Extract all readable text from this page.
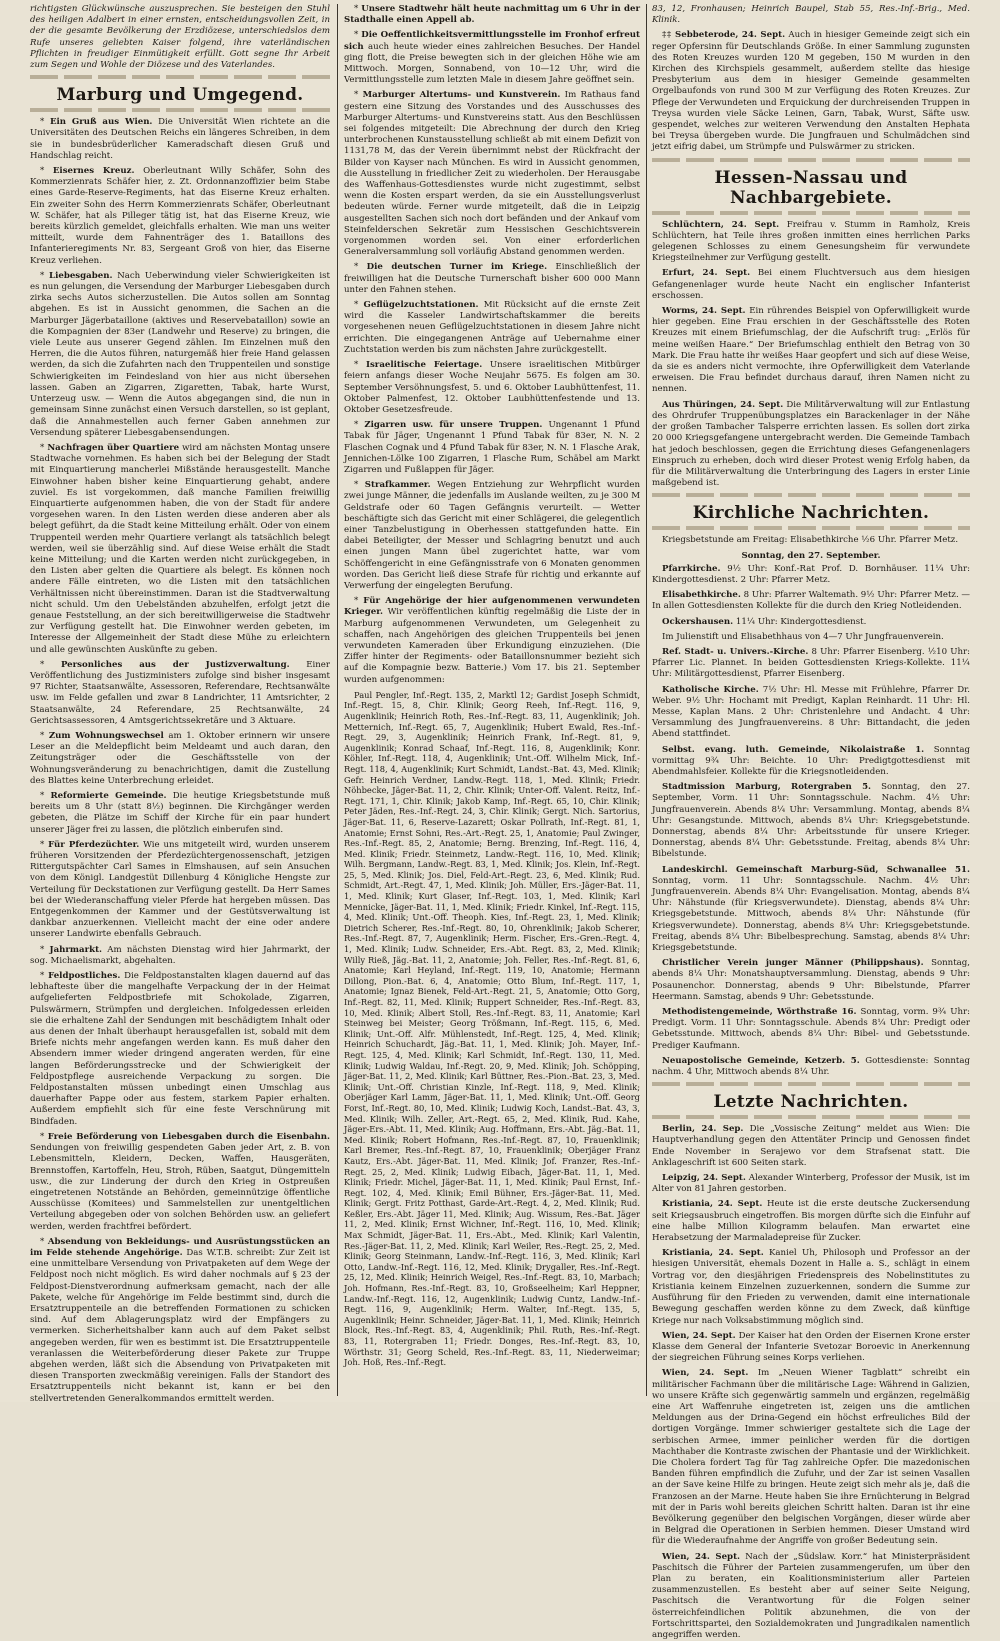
richtigsten Glückwünsche auszusprechen. Sie besteigen den Stuhl des heiligen Adalbert in einer ernsten, entscheidungsvollen Zeit, in der die gesamte Bevölkerung der Erzdiözese, unterschiedslos dem Rufe unseres geliebten Kaiser folgend, ihre vaterländischen Pflichten in freudiger Einmütigkeit erfüllt. Gott segne Ihr Arbeit zum Segen und Wohle der Diözese und des Vaterlandes.

Marburg und Umgegend.

* Ein Gruß aus Wien. Die Universität Wien richtete an die Universitäten des Deutschen Reichs ein längeres Schreiben, in dem sie in bundesbrüderlicher Kameradschaft diesen Gruß und Handschlag reicht.

* Eisernes Kreuz. Oberleutnant Willy Schäfer, Sohn des Kommerzienrats Schäfer hier, z. Zt. Ordonnanzoffizier beim Stabe eines Garde-Reserve-Regiments, hat das Eiserne Kreuz erhalten. Ein zweiter Sohn des Herrn Kommerzienrats Schäfer, Oberleutnant W. Schäfer, hat als Pilleger tätig ist, hat das Eiserne Kreuz, wie bereits kürzlich gemeldet, gleichfalls erhalten. Wie man uns weiter mitteilt, wurde dem Fahnenträger des 1. Bataillons des Infanterieregiments Nr. 83, Sergeant Groß von hier, das Eiserne Kreuz verliehen.

* Liebesgaben. Nach Ueberwindung vieler Schwierigkeiten ist es nun gelungen, die Versendung der Marburger Liebesgaben durch zirka sechs Autos sicherzustellen. Die Autos sollen am Sonntag abgehen. Es ist in Aussicht genommen, die Sachen an die Marburger Jägerbataillone (aktives und Reservebataillon) sowie an die Kompagnien der 83er (Landwehr und Reserve) zu bringen, die viele Leute aus unserer Gegend zählen. Im Einzelnen muß den Herren, die die Autos führen, naturgemäß hier freie Hand gelassen werden, da sich die Zufahrten nach den Truppenteilen und sonstige Schwierigkeiten im Feindesland von hier aus nicht übersehen lassen. Gaben an Zigarren, Zigaretten, Tabak, harte Wurst, Unterzeug usw. — Wenn die Autos abgegangen sind, die nun in gemeinsam Sinne zunächst einen Versuch darstellen, so ist geplant, daß die Annahmestellen auch ferner Gaben annehmen zur Versendung späterer Liebesgabensendungen.

* Nachfragen über Quartiere wird am nächsten Montag unsere Stadtwache vornehmen. Es haben sich bei der Belegung der Stadt mit Einquartierung mancherlei Mißstände herausgestellt. Manche Einwohner haben bisher keine Einquartierung gehabt, andere zuviel. Es ist vorgekommen, daß manche Familien freiwillig Einquartierte aufgenommen haben, die von der Stadt für andere vorgesehen waren. In den Listen werden diese anderen aber als belegt geführt, da die Stadt keine Mitteilung erhält. Oder von einem Truppenteil werden mehr Quartiere verlangt als tatsächlich belegt werden, weil sie überzählig sind. Auf diese Weise erhält die Stadt keine Mitteilung; und die Karten werden nicht zurückgegeben, in den Listen aber gelten die Quartiere als belegt. Es können noch andere Fälle eintreten, wo die Listen mit den tatsächlichen Verhältnissen nicht übereinstimmen. Daran ist die Stadtverwaltung nicht schuld. Um den Uebelständen abzuhelfen, erfolgt jetzt die genaue Feststellung, an der sich bereitwilligerweise die Stadtwehr zur Verfügung gestellt hat. Die Einwohner werden gebeten, im Interesse der Allgemeinheit der Stadt diese Mühe zu erleichtern und alle gewünschten Auskünfte zu geben.

* Personliches aus der Justizverwaltung. Einer Veröffentlichung des Justizministers zufolge sind bisher insgesamt 97 Richter, Staatsanwälte, Assessoren, Referendare, Rechtsanwälte usw. im Felde gefallen und zwar 8 Landrichter, 11 Amtsrichter, 2 Staatsanwälte, 24 Referendare, 25 Rechtsanwälte, 24 Gerichtsassessoren, 4 Amtsgerichtssekretäre und 3 Aktuare.

* Zum Wohnungswechsel am 1. Oktober erinnern wir unsere Leser an die Meldepflicht beim Meldeamt und auch daran, den Zeitungsträger oder die Geschäftsstelle von der Wohnungsveränderung zu benachrichtigen, damit die Zustellung des Blattes keine Unterbrechung erleidet.

* Reformierte Gemeinde. Die heutige Kriegsbetstunde muß bereits um 8 Uhr (statt 8½) beginnen. Die Kirchgänger werden gebeten, die Plätze im Schiff der Kirche für ein paar hundert unserer Jäger frei zu lassen, die plötzlich einberufen sind.

* Für Pferdezüchter. Wie uns mitgeteilt wird, wurden unserem früheren Vorsitzenden der Pferdezüchtergenossenschaft, jetzigen Rittergutspächter Carl Sames in Elmshausen, auf sein Ansuchen von dem Königl. Landgestüt Dillenburg 4 Königliche Hengste zur Verteilung für Deckstationen zur Verfügung gestellt. Da Herr Sames bei der Wiederanschaffung vieler Pferde hat hergeben müssen. Das Entgegenkommen der Kammer und der Gestütsverwaltung ist dankbar anzuerkennen. Vielleicht macht der eine oder andere unserer Landwirte ebenfalls Gebrauch.

* Jahrmarkt. Am nächsten Dienstag wird hier Jahrmarkt, der sog. Michaelismarkt, abgehalten.

* Feldpostliches. Die Feldpostanstalten klagen dauernd auf das lebhafteste über die mangelhafte Verpackung der in der Heimat aufgelieferten Feldpostbriefe mit Schokolade, Zigarren, Pulswärmern, Strümpfen und dergleichen. Infolgedessen erleiden sie die erhaltene Zahl der Sendungen mit beschädigtem Inhalt oder aus denen der Inhalt überhaupt herausgefallen ist, sobald mit dem Briefe nichts mehr angefangen werden kann. Es muß daher den Absendern immer wieder dringend angeraten werden, für eine langen Beförderungsstrecke und der Schwierigkeit der Feldpostpflege ausreichende Verpackung zu sorgen. Die Feldpostanstalten müssen unbedingt einen Umschlag aus dauerhafter Pappe oder aus festem, starkem Papier erhalten. Außerdem empfiehlt sich für eine feste Verschnürung mit Bindfaden.

* Freie Beförderung von Liebesgaben durch die Eisenbahn. Sendungen von freiwillig gespendeten Gaben jeder Art, z. B. von Lebensmitteln, Kleidern, Decken, Waffen, Hausgeräten, Brennstoffen, Kartoffeln, Heu, Stroh, Rüben, Saatgut, Düngemitteln usw., die zur Linderung der durch den Krieg in Ostpreußen eingetretenen Notstände an Behörden, gemeinnützige öffentliche Ausschüsse (Komitees) und Sammelstellen zur unentgeltlichen Verteilung abgegeben oder von solchen Behörden usw. an geliefert werden, werden frachtfrei befördert.

* Absendung von Bekleidungs- und Ausrüstungsstücken an im Felde stehende Angehörige. Das W.T.B. schreibt: Zur Zeit ist eine unmittelbare Versendung von Privatpaketen auf dem Wege der Feldpost noch nicht möglich. Es wird daher nochmals auf § 23 der Feldpost-Dienstverordnung aufmerksam gemacht, nach der alle Pakete, welche für Angehörige im Felde bestimmt sind, durch die Ersatztruppenteile an die betreffenden Formationen zu schicken sind. Auf dem Ablagerungsplatz wird der Empfängers zu vermerken. Sicherheitshalber kann auch auf dem Paket selbst angegeben werden, für wen es bestimmt ist. Die Ersatztruppenteile veranlassen die Weiterbeförderung dieser Pakete zur Truppe abgehen werden, läßt sich die Absendung von Privatpaketen mit diesen Transporten zweckmäßig vereinigen. Falls der Standort des Ersatztruppenteils nicht bekannt ist, kann er bei den stellvertretenden Generalkommandos ermittelt werden.

* Unsere Stadtwehr hält heute nachmittag um 6 Uhr in der Stadthalle einen Appell ab.

* Die Oeffentlichkeitsvermittlungsstelle im Fronhof erfreut sich auch heute wieder eines zahlreichen Besuches. Der Handel ging flott, die Preise bewegten sich in der gleichen Höhe wie am Mittwoch. Morgen, Sonnabend, von 10—12 Uhr, wird die Vermittlungsstelle zum letzten Male in diesem Jahre geöffnet sein.

* Marburger Altertums- und Kunstverein. Im Rathaus fand gestern eine Sitzung des Vorstandes und des Ausschusses des Marburger Altertums- und Kunstvereins statt. Aus den Beschlüssen sei folgendes mitgeteilt: Die Abrechnung der durch den Krieg unterbrochenen Kunstausstellung schließt ab mit einem Defizit von 1131,78 M, das der Verein übernimmt nebst der Rückfracht der Bilder von Kayser nach München. Es wird in Aussicht genommen, die Ausstellung in friedlicher Zeit zu wiederholen. Der Herausgabe des Waffenhaus-Gottesdienstes wurde nicht zugestimmt, selbst wenn die Kosten erspart werden, da sie ein Ausstellungsverlust bedeuten würde. Ferner wurde mitgeteilt, daß die in Leipzig ausgestellten Sachen sich noch dort befänden und der Ankauf vom Steinfelderschen Sekretär zum Hessischen Geschichtsverein vorgenommen worden sei. Von einer erforderlichen Generalversammlung soll vorläufig Abstand genommen werden.

* Die deutschen Turner im Kriege. Einschließlich der freiwilligen hat die Deutsche Turnerschaft bisher 600 000 Mann unter den Fahnen stehen.

* Geflügelzuchtstationen. Mit Rücksicht auf die ernste Zeit wird die Kasseler Landwirtschaftskammer die bereits vorgesehenen neuen Geflügelzuchtstationen in diesem Jahre nicht errichten. Die eingegangenen Anträge auf Uebernahme einer Zuchtstation werden bis zum nächsten Jahre zurückgestellt.

* Israelitische Feiertage. Unsere israelitischen Mitbürger feiern anfangs dieser Woche Neujahr 5675. Es folgen am 30. September Versöhnungsfest, 5. und 6. Oktober Laubhüttenfest, 11. Oktober Palmenfest, 12. Oktober Laubhüttenfestende und 13. Oktober Gesetzesfreude.

* Zigarren usw. für unsere Truppen. Ungenannt 1 Pfund Tabak für Jäger, Ungenannt 1 Pfund Tabak für 83er, N. N. 2 Flaschen Cognak und 4 Pfund Tabak für 83er, N. N. 1 Flasche Arak, Jennichen-Lölke 100 Zigarren, 1 Flasche Rum, Schäbel am Markt Zigarren und Fußlappen für Jäger.

* Strafkammer. Wegen Entziehung zur Wehrpflicht wurden zwei junge Männer, die jedenfalls im Auslande weilten, zu je 300 M Geldstrafe oder 60 Tagen Gefängnis verurteilt. — Wetter beschäftigte sich das Gericht mit einer Schlägerei, die gelegentlich einer Tanzbelustigung in Oberhessen stattgefunden hatte. Ein dabei Beteiligter, der Messer und Schlagring benutzt und auch einen jungen Mann übel zugerichtet hatte, war vom Schöffengericht in eine Gefängnisstrafe von 6 Monaten genommen worden. Das Gericht ließ diese Strafe für richtig und erkannte auf Verwerfung der eingelegten Berufung.

* Für Angehörige der hier aufgenommenen verwundeten Krieger. Wir veröffentlichen künftig regelmäßig die Liste der in Marburg aufgenommenen Verwundeten, um Gelegenheit zu schaffen, nach Angehörigen des gleichen Truppenteils bei jenen verwundeten Kameraden über Erkundigung einzuziehen. (Die Ziffer hinter der Regiments- oder Bataillonsnummer bezieht sich auf die Kompagnie bezw. Batterie.) Vom 17. bis 21. September wurden aufgenommen:

Paul Pengler, Inf.-Regt. 135, 2, Marktl 12; Gardist Joseph Schmidt, Inf.-Regt. 15, 8, Chir. Klinik; Georg Reeh, Inf.-Regt. 116, 9, Augenklinik; Heinrich Roth, Res.-Inf.-Regt. 83, 11, Augenklinik; Joh. Metternich, Inf.-Regt. 65, 7, Augenklinik; Hubert Ewald, Res.-Inf.-Regt. 29, 3, Augenklinik; Heinrich Frank, Inf.-Regt. 81, 9, Augenklinik; Konrad Schaaf, Inf.-Regt. 116, 8, Augenklinik; Konr. Köhler, Inf.-Regt. 118, 4, Augenklinik; Unt.-Off. Wilhelm Mick, Inf.-Regt. 118, 4, Augenklinik; Kurt Schmidt, Landst.-Bat. 43, Med. Klinik; Gefr. Heinrich Verdner, Landw.-Regt. 118, 1, Med. Klinik; Friedr. Nöhbecke, Jäger-Bat. 11, 2, Chir. Klinik; Unter-Off. Valent. Reitz, Inf.-Regt. 171, 1, Chir. Klinik; Jakob Kamp, Inf.-Regt. 65, 10, Chir. Klinik; Peter Jäden, Res.-Inf.-Regt. 24, 3, Chir. Klinik; Gergt. Nich. Sartorius, Jäger-Bat. 11, 6, Reserve-Lazarett; Oskar Pollrath, Inf.-Regt. 81, 1, Anatomie; Ernst Sohni, Res.-Art.-Regt. 25, 1, Anatomie; Paul Zwinger, Res.-Inf.-Regt. 85, 2, Anatomie; Berng. Brenzing, Inf.-Regt. 116, 4, Med. Klinik; Friedr. Steinmetz, Landw.-Regt. 116, 10, Med. Klinik; Wilh. Bergmann, Landw.-Regt. 83, 1, Med. Klinik; Jos. Klein, Inf.-Regt. 25, 5, Med. Klinik; Jos. Diel, Feld-Art.-Regt. 23, 6, Med. Klinik; Rud. Schmidt, Art.-Regt. 47, 1, Med. Klinik; Joh. Müller, Ers.-Jäger-Bat. 11, 1, Med. Klinik; Kurt Glaser, Inf.-Regt. 103, 1, Med. Klinik; Karl Mennicke, Jäger-Bat. 11, 1, Med. Klinik; Friedr. Kinkel, Inf.-Regt. 115, 4, Med. Klinik; Unt.-Off. Theoph. Kies, Inf.-Regt. 23, 1, Med. Klinik; Dietrich Scherer, Res.-Inf.-Regt. 80, 10, Ohrenklinik; Jakob Scherer, Res.-Inf.-Regt. 87, 7, Augenklinik; Herm. Fischer, Ers.-Gren.-Regt. 4, 1, Med. Klinik; Ludw. Schneider, Ers.-Abt. Regt. 83, 2, Med. Klinik; Willy Rieß, Jäg.-Bat. 11, 2, Anatomie; Joh. Feller, Res.-Inf.-Regt. 81, 6, Anatomie; Karl Heyland, Inf.-Regt. 119, 10, Anatomie; Hermann Dillong, Pion.-Bat. 6, 4, Anatomie; Otto Blum, Inf.-Regt. 117, 1, Anatomie; Ignaz Bienek, Feld-Art.-Regt. 21, 5, Anatomie; Otto Gorg, Inf.-Regt. 82, 11, Med. Klinik; Ruppert Schneider, Res.-Inf.-Regt. 83, 10, Med. Klinik; Albert Stoll, Res.-Inf.-Regt. 83, 11, Anatomie; Karl Steinweg bei Meister; Georg Trößmann, Inf.-Regt. 115, 6, Med. Klinik; Unt.-Off. Alfr. Mühlenstedt, Inf.-Regt. 125, 4, Med. Klinik; Heinrich Schuchardt, Jäg.-Bat. 11, 1, Med. Klinik; Joh. Mayer, Inf.-Regt. 125, 4, Med. Klinik; Karl Schmidt, Inf.-Regt. 130, 11, Med. Klinik; Ludwig Waldau, Inf.-Regt. 20, 9, Med. Klinik; Joh. Schöpping, Jäger-Bat. 11, 2, Med. Klinik; Karl Büttner, Res.-Pion.-Bat. 23, 3, Med. Klinik; Unt.-Off. Christian Kinzle, Inf.-Regt. 118, 9, Med. Klinik; Oberjäger Karl Lamm, Jäger-Bat. 11, 1, Med. Klinik; Unt.-Off. Georg Forst, Inf.-Regt. 80, 10, Med. Klinik; Ludwig Koch, Landst.-Bat. 43, 3, Med. Klinik; Wilh. Zeller, Art.-Regt. 65, 2, Med. Klinik, Rud. Kahe, Jäger-Ers.-Abt. 11, Med. Klinik; Aug. Hoffmann, Ers.-Abt. Jäg.-Bat. 11, Med. Klinik; Robert Hofmann, Res.-Inf.-Regt. 87, 10, Frauenklinik; Karl Bremer, Res.-Inf.-Regt. 87, 10, Frauenklinik; Oberjäger Franz Kautz, Ers.-Abt. Jäger-Bat. 11, Med. Klinik; Jof. Franzer, Res.-Inf.-Regt. 25, 2, Med. Klinik; Ludwig Eibach, Jäger-Bat. 11, 1, Med. Klinik; Friedr. Michel, Jäger-Bat. 11, 1, Med. Klinik; Paul Ernst, Inf.-Regt. 102, 4, Med. Klinik; Emil Bühner, Ers.-Jäger-Bat. 11, Med. Klinik; Gergt. Fritz Potthast, Garde-Art.-Regt. 4, 2, Med. Klinik; Rud. Keßler, Ers.-Abt. Jäger 11, Med. Klinik; Aug. Wissum, Res.-Bat. Jäger 11, 2, Med. Klinik; Ernst Wichner, Inf.-Regt. 116, 10, Med. Klinik; Max Schmidt, Jäger-Bat. 11, Ers.-Abt., Med. Klinik; Karl Valentin, Res.-Jäger-Bat. 11, 2, Med. Klinik; Karl Weiler, Res.-Regt. 25, 2, Med. Klinik; Georg Steinmann, Landw.-Inf.-Regt. 116, 3, Med. Klinik; Karl Otto, Landw.-Inf.-Regt. 116, 12, Med. Klinik; Drygaller, Res.-Inf.-Regt. 25, 12, Med. Klinik; Heinrich Weigel, Res.-Inf.-Regt. 83, 10, Marbach; Joh. Hofmann, Res.-Inf.-Regt. 83, 10, Großseelheim; Karl Heppner, Landw.-Inf.-Regt. 116, 12, Augenklinik; Ludwig Cuntz, Landw.-Inf.-Regt. 116, 9, Augenklinik; Herm. Walter, Inf.-Regt. 135, 5, Augenklinik; Heinr. Schneider, Jäger-Bat. 11, 1, Med. Klinik; Heinrich Block, Res.-Inf.-Regt. 83, 4, Augenklinik; Phil. Ruth, Res.-Inf.-Regt. 83, 11, Rotergraben 11; Friedr. Donges, Res.-Inf.-Regt. 83, 10, Wörthstr. 31; Georg Scheld, Res.-Inf.-Regt. 83, 11, Niederweimar; Joh. Hoß, Res.-Inf.-Regt.

83, 12, Fronhausen; Heinrich Baupel, Stab 55, Res.-Inf.-Brig., Med. Klinik.

‡‡ Sebbeterode, 24. Sept. Auch in hiesiger Gemeinde zeigt sich ein reger Opfersinn für Deutschlands Größe. In einer Sammlung zugunsten des Roten Kreuzes wurden 120 M gegeben, 150 M wurden in den Kirchen des Kirchspiels gesammelt, außerdem stellte das hiesige Presbyterium aus dem in hiesiger Gemeinde gesammelten Orgelbaufonds von rund 300 M zur Verfügung des Roten Kreuzes. Zur Pflege der Verwundeten und Erquickung der durchreisenden Truppen in Treysa wurden viele Säcke Leinen, Garn, Tabak, Wurst, Säfte usw. gespendet, welches zur weiteren Verwendung den Anstalten Hephata bei Treysa übergeben wurde. Die Jungfrauen und Schulmädchen sind jetzt eifrig dabei, um Strümpfe und Pulswärmer zu stricken.

Hessen-Nassau und Nachbargebiete.

Schlüchtern, 24. Sept. Freifrau v. Stumm in Ramholz, Kreis Schlüchtern, hat Teile ihres großen inmitten eines herrlichen Parks gelegenen Schlosses zu einem Genesungsheim für verwundete Kriegsteilnehmer zur Verfügung gestellt.

Erfurt, 24. Sept. Bei einem Fluchtversuch aus dem hiesigen Gefangenenlager wurde heute Nacht ein englischer Infanterist erschossen.

Worms, 24. Sept. Ein rührendes Beispiel von Opferwilligkeit wurde hier gegeben. Eine Frau erschien in der Geschäftsstelle des Roten Kreuzes mit einem Briefumschlag, der die Aufschrift trug: „Erlös für meine weißen Haare.“ Der Briefumschlag enthielt den Betrag von 30 Mark. Die Frau hatte ihr weißes Haar geopfert und sich auf diese Weise, da sie es anders nicht vermochte, ihre Opferwilligkeit dem Vaterlande erweisen. Die Frau befindet durchaus darauf, ihren Namen nicht zu nennen.

Aus Thüringen, 24. Sept. Die Militärverwaltung will zur Entlastung des Ohrdrufer Truppenübungsplatzes ein Barackenlager in der Nähe der großen Tambacher Talsperre errichten lassen. Es sollen dort zirka 20 000 Kriegsgefangene untergebracht werden. Die Gemeinde Tambach hat jedoch beschlossen, gegen die Errichtung dieses Gefangenenlagers Einspruch zu erheben, doch wird dieser Protest wenig Erfolg haben, da für die Militärverwaltung die Unterbringung des Lagers in erster Linie maßgebend ist.

Kirchliche Nachrichten.

Kriegsbetstunde am Freitag: Elisabethkirche ½6 Uhr. Pfarrer Metz.

Sonntag, den 27. September.

Pfarrkirche. 9½ Uhr: Konf.-Rat Prof. D. Bornhäuser. 11¼ Uhr: Kindergottesdienst. 2 Uhr: Pfarrer Metz.

Elisabethkirche. 8 Uhr: Pfarrer Waltemath. 9½ Uhr: Pfarrer Metz. — In allen Gottesdiensten Kollekte für die durch den Krieg Notleidenden.

Ockershausen. 11¼ Uhr: Kindergottesdienst.

Im Julienstift und Elisabethhaus von 4—7 Uhr Jungfrauenverein.

Ref. Stadt- u. Univers.-Kirche. 8 Uhr: Pfarrer Eisenberg. ½10 Uhr: Pfarrer Lic. Plannet. In beiden Gottesdiensten Kriegs-Kollekte. 11¼ Uhr: Militärgottesdienst, Pfarrer Eisenberg.

Katholische Kirche. 7½ Uhr: Hl. Messe mit Frühlehre, Pfarrer Dr. Weber. 9½ Uhr: Hochamt mit Predigt, Kaplan Reinhardt. 11 Uhr: Hl. Messe, Kaplan Mans. 2 Uhr: Christenlehre und Andacht. 4 Uhr: Versammlung des Jungfrauenvereins. 8 Uhr: Bittandacht, die jeden Abend stattfindet.

Selbst. evang. luth. Gemeinde, Nikolaistraße 1. Sonntag vormittag 9¾ Uhr: Beichte. 10 Uhr: Predigtgottesdienst mit Abendmahlsfeier. Kollekte für die Kriegsnotleidenden.

Stadtmission Marburg, Rotergraben 5. Sonntag, den 27. September, Vorm. 11 Uhr: Sonntagsschule. Nachm. 4½ Uhr: Jungfrauenverein. Abends 8¼ Uhr: Versammlung. Montag, abends 8¼ Uhr: Gesangstunde. Mittwoch, abends 8¼ Uhr: Kriegsgebetstunde. Donnerstag, abends 8¼ Uhr: Arbeitsstunde für unsere Krieger. Donnerstag, abends 8¼ Uhr: Gebetsstunde. Freitag, abends 8¼ Uhr: Bibelstunde.

Landeskirchl. Gemeinschaft Marburg-Süd, Schwanallee 51. Sonntag, vorm. 11 Uhr: Sonntagsschule. Nachm. 4½ Uhr: Jungfrauenverein. Abends 8¼ Uhr: Evangelisation. Montag, abends 8¼ Uhr: Nähstunde (für Kriegsverwundete). Dienstag, abends 8¼ Uhr: Kriegsgebetstunde. Mittwoch, abends 8¼ Uhr: Nähstunde (für Kriegsverwundete). Donnerstag, abends 8¼ Uhr: Kriegsgebetstunde. Freitag, abends 8¼ Uhr: Bibelbesprechung. Samstag, abends 8¼ Uhr: Kriegsgebetstunde.

Christlicher Verein junger Männer (Philippshaus). Sonntag, abends 8¼ Uhr: Monatshauptversammlung. Dienstag, abends 9 Uhr: Posaunenchor. Donnerstag, abends 9 Uhr: Bibelstunde, Pfarrer Heermann. Samstag, abends 9 Uhr: Gebetsstunde.

Methodistengemeinde, Wörthstraße 16. Sonntag, vorm. 9¾ Uhr: Predigt. Vorm. 11 Uhr: Sonntagsschule. Abends 8¼ Uhr: Predigt oder Gebetsstunde. Mittwoch, abends 8¼ Uhr: Bibel- und Gebetsstunde. Prediger Kaufmann.

Neuapostolische Gemeinde, Ketzerb. 5. Gottesdienste: Sonntag nachm. 4 Uhr, Mittwoch abends 8¼ Uhr.

Letzte Nachrichten.

Berlin, 24. Sep. Die „Vossische Zeitung“ meldet aus Wien: Die Hauptverhandlung gegen den Attentäter Princip und Genossen findet Ende November in Serajewo vor dem Strafsenat statt. Die Anklageschrift ist 600 Seiten stark.

Leipzig, 24. Sept. Alexander Winterberg, Professor der Musik, ist im Alter von 81 Jahren gestorben.

Kristiania, 24. Sept. Heute ist die erste deutsche Zuckersendung seit Kriegsausbruch eingetroffen. Bis morgen dürfte sich die Einfuhr auf eine halbe Million Kilogramm belaufen. Man erwartet eine Herabsetzung der Marmaladepreise für Zucker.

Kristiania, 24. Sept. Kaniel Uh, Philosoph und Professor an der hiesigen Universität, ehemals Dozent in Halle a. S., schlägt in einem Vortrag vor, den diesjährigen Friedenspreis des Nobelinstitutes zu Kristiania keinem Einzelnen zuzuerkennen, sondern die Summe zur Ausführung für den Frieden zu verwenden, damit eine internationale Bewegung geschaffen werden könne zu dem Zweck, daß künftige Kriege nur nach Volksabstimmung möglich sind.

Wien, 24. Sept. Der Kaiser hat den Orden der Eisernen Krone erster Klasse dem General der Infanterie Svetozar Boroevic in Anerkennung der siegreichen Führung seines Korps verliehen.

Wien, 24. Sept. Im „Neuen Wiener Tagblatt“ schreibt ein militärischer Fachmann über die militärische Lage: Während in Galizien, wo unsere Kräfte sich gegenwärtig sammeln und ergänzen, regelmäßig eine Art Waffenruhe eingetreten ist, zeigen uns die amtlichen Meldungen aus der Drina-Gegend ein höchst erfreuliches Bild der dortigen Vorgänge. Immer schwieriger gestaltete sich die Lage der serbischen Armee, immer peinlicher werden für die dortigen Machthaber die Kontraste zwischen der Phantasie und der Wirklichkeit. Die Cholera fordert Tag für Tag zahlreiche Opfer. Die mazedonischen Banden führen empfindlich die Zufuhr, und der Zar ist seinen Vasallen an der Save keine Hilfe zu bringen. Heute zeigt sich mehr als je, daß die Franzosen an der Marne. Heute haben Sie ihre Ernüchterung in Belgrad mit der in Paris wohl bereits gleichen Schritt halten. Daran ist ihr eine Bevölkerung gegenüber den belgischen Vorgängen, dieser würde aber in Belgrad die Operationen in Serbien hemmen. Dieser Umstand wird für die Wiederaufnahme der Angriffe von großer Bedeutung sein.

Wien, 24. Sept. Nach der „Südslaw. Korr.“ hat Ministerpräsident Paschitsch die Führer der Parteien zusammengerufen, um über den Plan zu beraten, ein Koalitionsministerium aller Parteien zusammenzustellen. Es besteht aber auf seiner Seite Neigung, Paschitsch die Verantwortung für die Folgen seiner österreichfeindlichen Politik abzunehmen, die von der Fortschrittspartei, den Sozialdemokraten und Jungradikalen namentlich angegriffen werden.
